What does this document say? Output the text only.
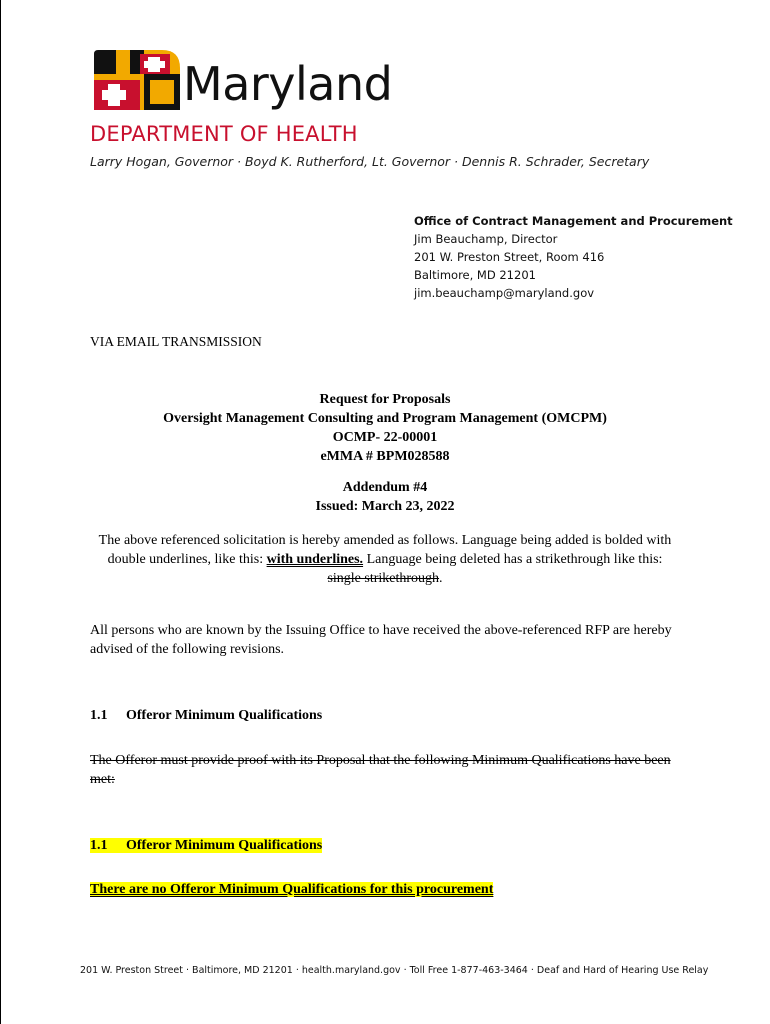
Maryland
DEPARTMENT OF HEALTH
Larry Hogan, Governor · Boyd K. Rutherford, Lt. Governor · Dennis R. Schrader, Secretary
Office of Contract Management and Procurement
Jim Beauchamp, Director
201 W. Preston Street, Room 416
Baltimore, MD 21201
jim.beauchamp@maryland.gov
VIA EMAIL TRANSMISSION
Request for Proposals
Oversight Management Consulting and Program Management (OMCPM)
OCMP- 22-00001
eMMA # BPM028588
Addendum #4
Issued: March 23, 2022
The above referenced solicitation is hereby amended as follows. Language being added is bolded with double underlines, like this: with underlines. Language being deleted has a strikethrough like this: single strikethrough.
All persons who are known by the Issuing Office to have received the above-referenced RFP are hereby advised of the following revisions.
1.1 Offeror Minimum Qualifications
The Offeror must provide proof with its Proposal that the following Minimum Qualifications have been met:
1.1 Offeror Minimum Qualifications
There are no Offeror Minimum Qualifications for this procurement
201 W. Preston Street · Baltimore, MD 21201 · health.maryland.gov · Toll Free 1-877-463-3464 · Deaf and Hard of Hearing Use Relay
